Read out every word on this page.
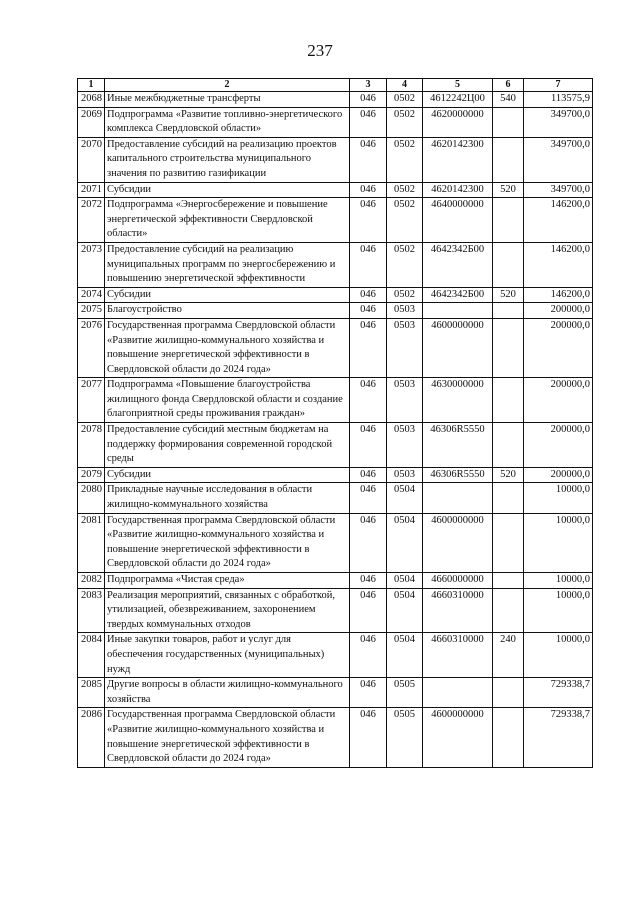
237
1	2	3	4	5	6	7
2068	Иные межбюджетные трансферты	046	0502	4612242Ц00	540	113575,9
2069	Подпрограмма «Развитие топливно-энергетического комплекса Свердловской области»	046	0502	4620000000		349700,0
2070	Предоставление субсидий на реализацию проектов капитального строительства муниципального значения по развитию газификации	046	0502	4620142300		349700,0
2071	Субсидии	046	0502	4620142300	520	349700,0
2072	Подпрограмма «Энергосбережение и повышение энергетической эффективности Свердловской области»	046	0502	4640000000		146200,0
2073	Предоставление субсидий на реализацию муниципальных программ по энергосбережению и повышению энергетической эффективности	046	0502	4642342Б00		146200,0
2074	Субсидии	046	0502	4642342Б00	520	146200,0
2075	Благоустройство	046	0503			200000,0
2076	Государственная программа Свердловской области «Развитие жилищно-коммунального хозяйства и повышение энергетической эффективности в Свердловской области до 2024 года»	046	0503	4600000000		200000,0
2077	Подпрограмма «Повышение благоустройства жилищного фонда Свердловской области и создание благоприятной среды проживания граждан»	046	0503	4630000000		200000,0
2078	Предоставление субсидий местным бюджетам на поддержку формирования современной городской среды	046	0503	46306R5550		200000,0
2079	Субсидии	046	0503	46306R5550	520	200000,0
2080	Прикладные научные исследования в области жилищно-коммунального хозяйства	046	0504			10000,0
2081	Государственная программа Свердловской области «Развитие жилищно-коммунального хозяйства и повышение энергетической эффективности в Свердловской области до 2024 года»	046	0504	4600000000		10000,0
2082	Подпрограмма «Чистая среда»	046	0504	4660000000		10000,0
2083	Реализация мероприятий, связанных с обработкой, утилизацией, обезвреживанием, захоронением твердых коммунальных отходов	046	0504	4660310000		10000,0
2084	Иные закупки товаров, работ и услуг для обеспечения государственных (муниципальных) нужд	046	0504	4660310000	240	10000,0
2085	Другие вопросы в области жилищно-коммунального хозяйства	046	0505			729338,7
2086	Государственная программа Свердловской области «Развитие жилищно-коммунального хозяйства и повышение энергетической эффективности в Свердловской области до 2024 года»	046	0505	4600000000		729338,7
